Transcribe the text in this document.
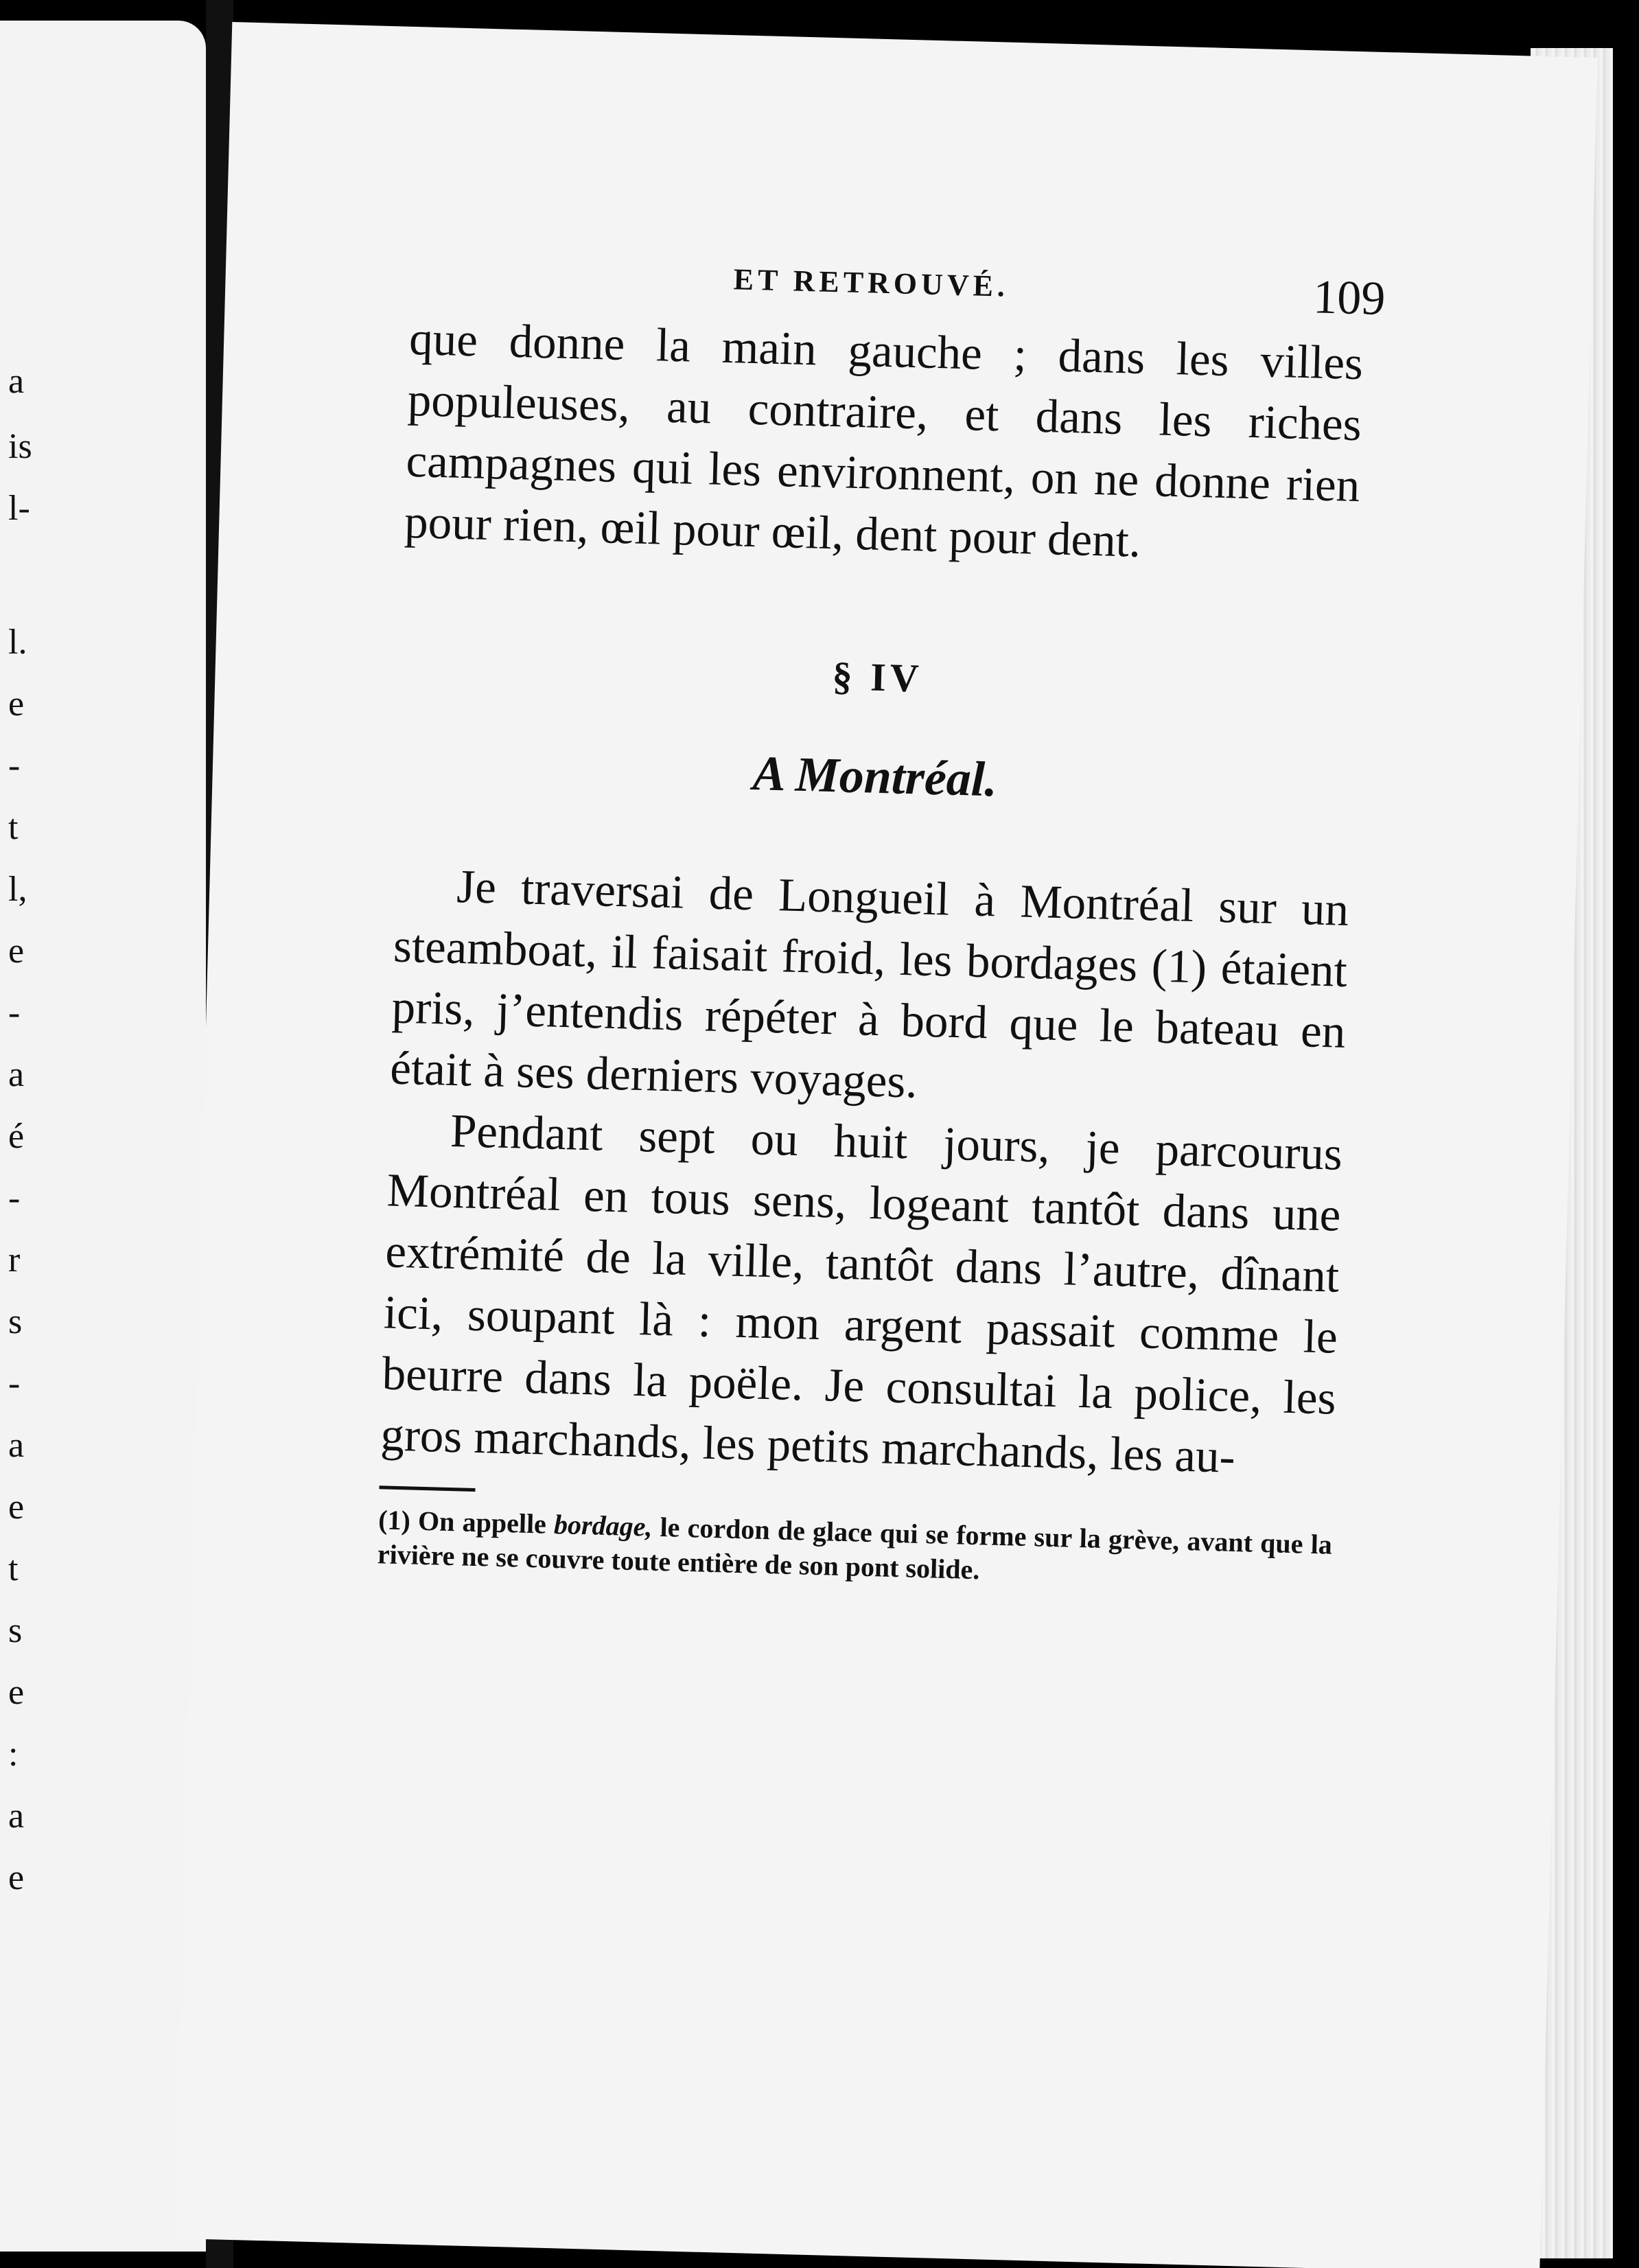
a
is
l-
l.
e
-
t
l,
e
-
a
é
-
r
s
-
a
e
t
s
e
:
a
e
ET RETROUVÉ.	109

que donne la main gauche ; dans les villes populeuses, au contraire, et dans les riches campagnes qui les environnent, on ne donne rien pour rien, œil pour œil, dent pour dent.

§ IV
A Montréal.

Je traversai de Longueil à Montréal sur un steamboat, il faisait froid, les bordages (1) étaient pris, j’entendis répéter à bord que le bateau en était à ses derniers voyages.

Pendant sept ou huit jours, je parcourus Montréal en tous sens, logeant tantôt dans une extrémité de la ville, tantôt dans l’autre, dînant ici, soupant là : mon argent passait comme le beurre dans la poële. Je consultai la police, les gros marchands, les petits marchands, les au-

(1) On appelle bordage, le cordon de glace qui se forme sur la grève, avant que la rivière ne se couvre toute entière de son pont solide.
